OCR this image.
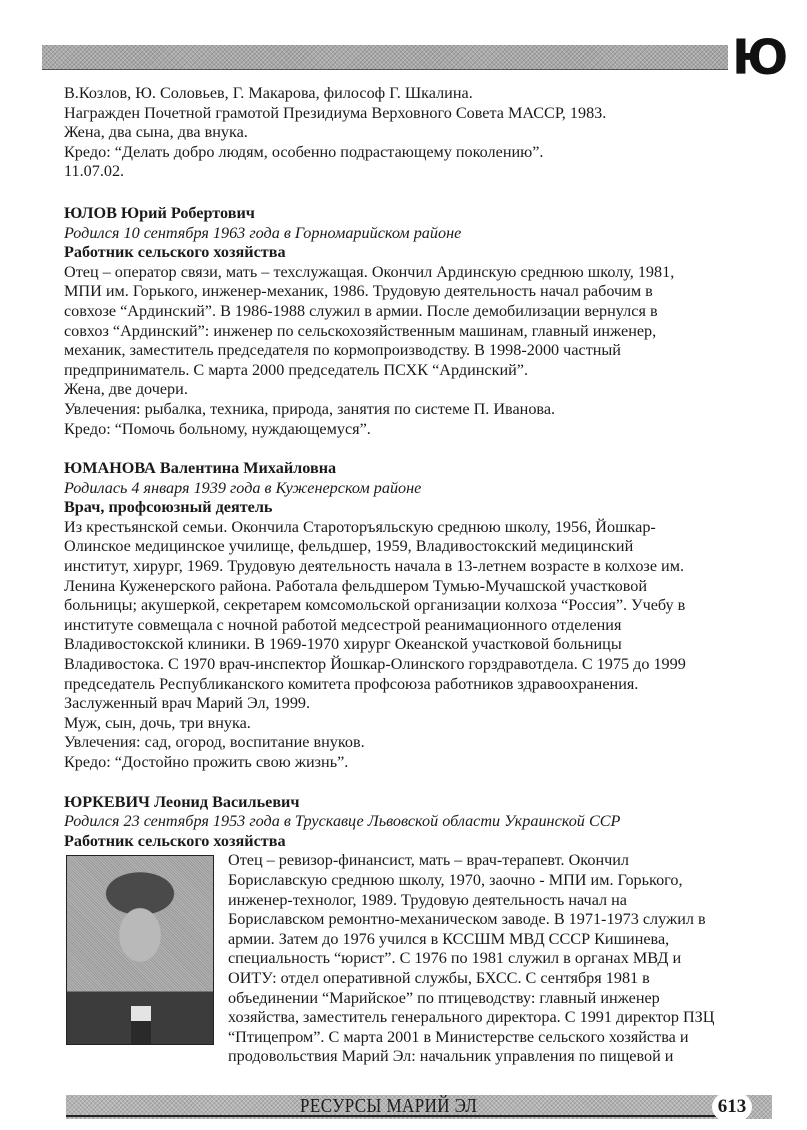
Ю
В.Козлов, Ю. Соловьев, Г. Макарова, философ Г. Шкалина.
Награжден Почетной грамотой Президиума Верховного Совета МАССР, 1983.
Жена, два сына, два внука.
Кредо: “Делать добро людям, особенно подрастающему поколению”.
11.07.02.
ЮЛОВ Юрий Робертович
Родился 10 сентября 1963 года в Горномарийском районе
Работник сельского хозяйства
Отец – оператор связи, мать – техслужащая. Окончил Ардинскую среднюю школу, 1981,
МПИ им. Горького, инженер-механик, 1986. Трудовую деятельность начал рабочим в
совхозе “Ардинский”. В 1986-1988 служил в армии. После демобилизации вернулся в
совхоз “Ардинский”: инженер по сельскохозяйственным машинам, главный инженер,
механик, заместитель председателя по кормопроизводству. В 1998-2000 частный
предприниматель. С марта 2000 председатель ПСХК “Ардинский”.
Жена, две дочери.
Увлечения: рыбалка, техника, природа, занятия по системе П. Иванова.
Кредо: “Помочь больному, нуждающемуся”.
ЮМАНОВА Валентина Михайловна
Родилась 4 января 1939 года в Куженерском районе
Врач, профсоюзный деятель
Из крестьянской семьи. Окончила Староторъяльскую среднюю школу, 1956, Йошкар-
Олинское медицинское училище, фельдшер, 1959, Владивостокский медицинский
институт, хирург, 1969. Трудовую деятельность начала в 13-летнем возрасте в колхозе им.
Ленина Куженерского района. Работала фельдшером Тумью-Мучашской участковой
больницы; акушеркой, секретарем комсомольской организации колхоза “Россия”. Учебу в
институте совмещала с ночной работой медсестрой реанимационного отделения
Владивостокской клиники. В 1969-1970 хирург Океанской участковой больницы
Владивостока. С 1970 врач-инспектор Йошкар-Олинского горздравотдела. С 1975 до 1999
председатель Республиканского комитета профсоюза работников здравоохранения.
Заслуженный врач Марий Эл, 1999.
Муж, сын, дочь, три внука.
Увлечения: сад, огород, воспитание внуков.
Кредо: “Достойно прожить свою жизнь”.
ЮРКЕВИЧ Леонид Васильевич
Родился 23 сентября 1953 года в Трускавце Львовской области Украинской ССР
Работник сельского хозяйства
Отец – ревизор-финансист, мать – врач-терапевт. Окончил
Бориславскую среднюю школу, 1970, заочно - МПИ им. Горького,
инженер-технолог, 1989. Трудовую деятельность начал на
Бориславском ремонтно-механическом заводе. В 1971-1973 служил в
армии. Затем до 1976 учился в КССШМ МВД СССР Кишинева,
специальность “юрист”. С 1976 по 1981 служил в органах МВД и
ОИТУ: отдел оперативной службы, БХСС. С сентября 1981 в
объединении “Марийское” по птицеводству: главный инженер
хозяйства, заместитель генерального директора. С 1991 директор ПЗЦ
“Птицепром”. С марта 2001 в Министерстве сельского хозяйства и
продовольствия Марий Эл: начальник управления по пищевой и
РЕСУРСЫ МАРИЙ ЭЛ	613
